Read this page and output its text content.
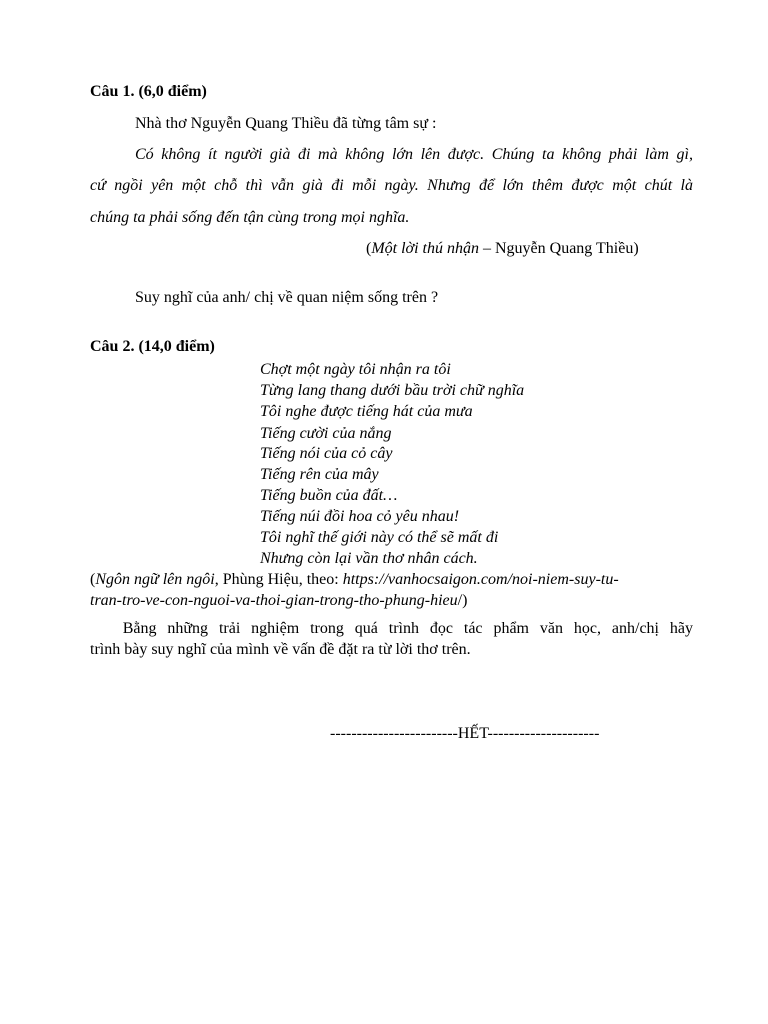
Câu 1. (6,0 điểm)
Nhà thơ Nguyễn Quang Thiều đã từng tâm sự :
Có không ít người già đi mà không lớn lên được. Chúng ta không phải làm gì,
cứ ngồi yên một chỗ thì vẫn già đi mỗi ngày. Nhưng để lớn thêm được một chút là
chúng ta phải sống đến tận cùng trong mọi nghĩa.
(Một lời thú nhận – Nguyễn Quang Thiều)
Suy nghĩ của anh/ chị về quan niệm sống trên ?
Câu 2. (14,0 điểm)
Chợt một ngày tôi nhận ra tôi
Từng lang thang dưới bầu trời chữ nghĩa
Tôi nghe được tiếng hát của mưa
Tiếng cười của nắng
Tiếng nói của cỏ cây
Tiếng rên của mây
Tiếng buồn của đất…
Tiếng núi đồi hoa cỏ yêu nhau!
Tôi nghĩ thế giới này có thể sẽ mất đi
Nhưng còn lại vần thơ nhân cách.
(Ngôn ngữ lên ngôi, Phùng Hiệu, theo: https://vanhocsaigon.com/noi-niem-suy-tu-
tran-tro-ve-con-nguoi-va-thoi-gian-trong-tho-phung-hieu/)
Bằng những trải nghiệm trong quá trình đọc tác phẩm văn học, anh/chị hãy
trình bày suy nghĩ của mình về vấn đề đặt ra từ lời thơ trên.
------------------------HẾT---------------------
